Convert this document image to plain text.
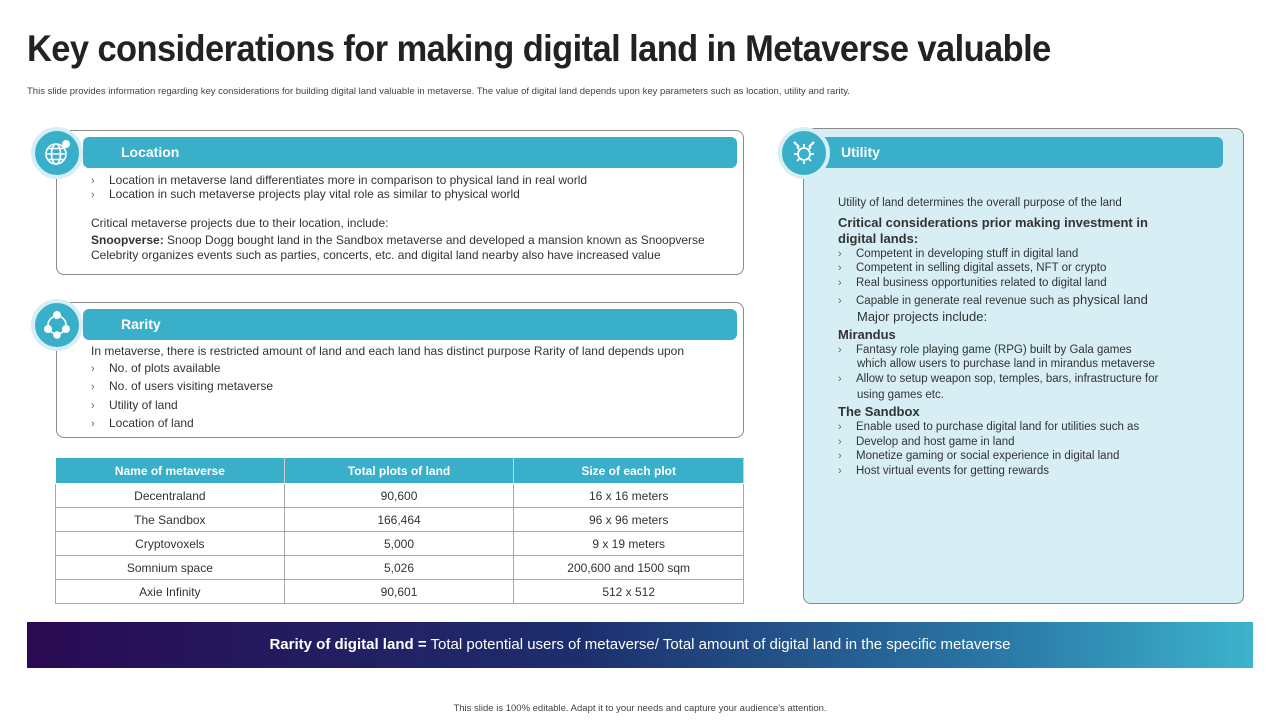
Key considerations for making digital land in Metaverse valuable
This slide provides information regarding key considerations for building digital land valuable in metaverse. The value of digital land depends upon key parameters such as location, utility and rarity.
Location
› Location in metaverse land differentiates more in comparison to physical land in real world
› Location in such metaverse projects play vital role as similar to physical world
Critical metaverse projects due to their location, include:
Snoopverse: Snoop Dogg bought land in the Sandbox metaverse and developed a mansion known as Snoopverse
Celebrity organizes events such as parties, concerts, etc. and digital land nearby also have increased value
Rarity
In metaverse, there is restricted amount of land and each land has distinct purpose Rarity of land depends upon
› No. of plots available
› No. of users visiting metaverse
› Utility of land
› Location of land
Name of metaverse	Total plots of land	Size of each plot
Decentraland	90,600	16 x 16 meters
The Sandbox	166,464	96 x 96 meters
Cryptovoxels	5,000	9 x 19 meters
Somnium space	5,026	200,600 and 1500 sqm
Axie Infinity	90,601	512 x 512
Utility
Utility of land determines the overall purpose of the land
Critical considerations prior making investment in
digital lands:
› Competent in developing stuff in digital land
› Competent in selling digital assets, NFT or crypto
› Real business opportunities related to digital land
› Capable in generate real revenue such as physical land
Major projects include:
Mirandus
› Fantasy role playing game (RPG) built by Gala games
which allow users to purchase land in mirandus metaverse
› Allow to setup weapon sop, temples, bars, infrastructure for
using games etc.
The Sandbox
› Enable used to purchase digital land for utilities such as
› Develop and host game in land
› Monetize gaming or social experience in digital land
› Host virtual events for getting rewards
Rarity of digital land = Total potential users of metaverse/ Total amount of digital land in the specific metaverse
This slide is 100% editable. Adapt it to your needs and capture your audience's attention.
